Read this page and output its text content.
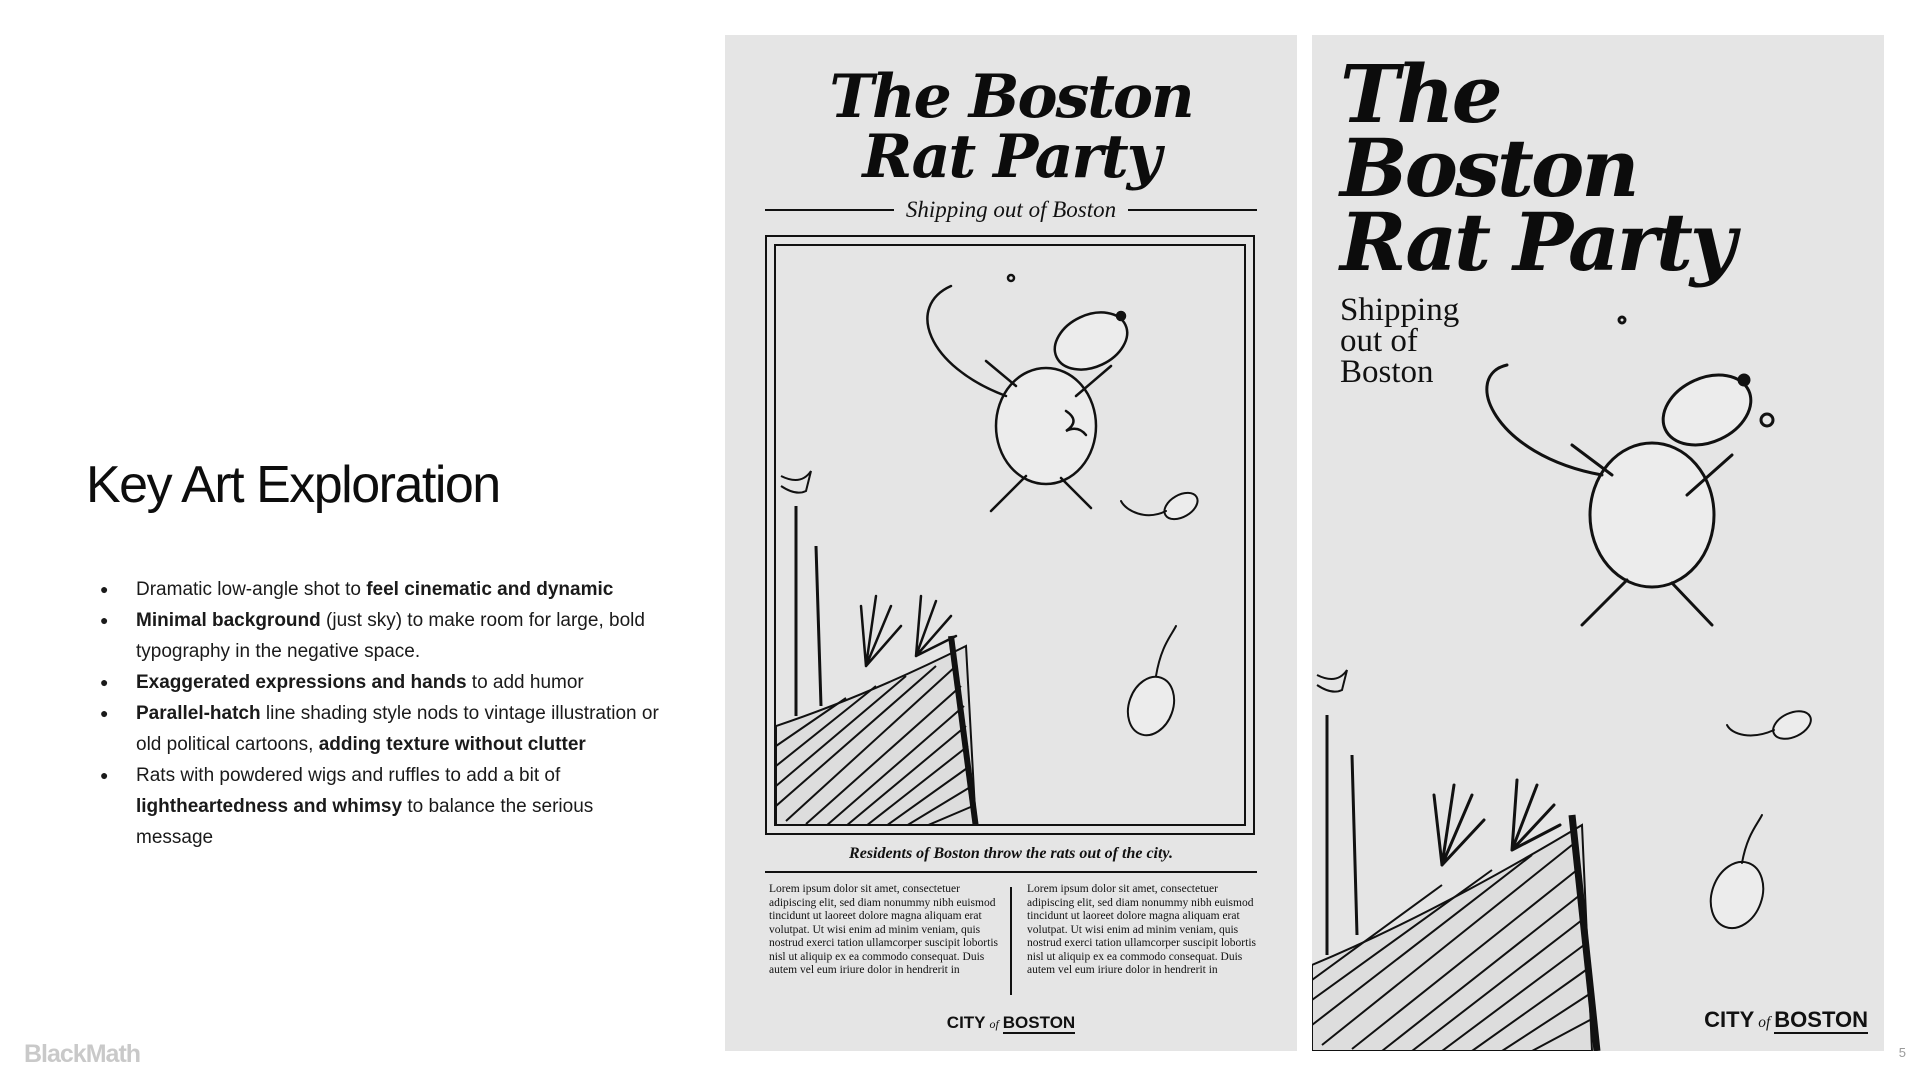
Key Art Exploration
● Dramatic low-angle shot to feel cinematic and dynamic
● Minimal background (just sky) to make room for large, bold typography in the negative space.
● Exaggerated expressions and hands to add humor
● Parallel-hatch line shading style nods to vintage illustration or old political cartoons, adding texture without clutter
● Rats with powdered wigs and ruffles to add a bit of lightheartedness and whimsy to balance the serious message
BlackMath	5
The Boston
Rat Party
Shipping out of Boston
Residents of Boston throw the rats out of the city.
Lorem ipsum dolor sit amet, consectetuer adipiscing elit, sed diam nonummy nibh euismod tincidunt ut laoreet dolore magna aliquam erat volutpat. Ut wisi enim ad minim veniam, quis nostrud exerci tation ullamcorper suscipit lobortis nisl ut aliquip ex ea commodo consequat. Duis autem vel eum iriure dolor in hendrerit in
Lorem ipsum dolor sit amet, consectetuer adipiscing elit, sed diam nonummy nibh euismod tincidunt ut laoreet dolore magna aliquam erat volutpat. Ut wisi enim ad minim veniam, quis nostrud exerci tation ullamcorper suscipit lobortis nisl ut aliquip ex ea commodo consequat. Duis autem vel eum iriure dolor in hendrerit in
CITY of BOSTON
The
Boston
Rat Party
Shipping
out of
Boston
CITY of BOSTON
